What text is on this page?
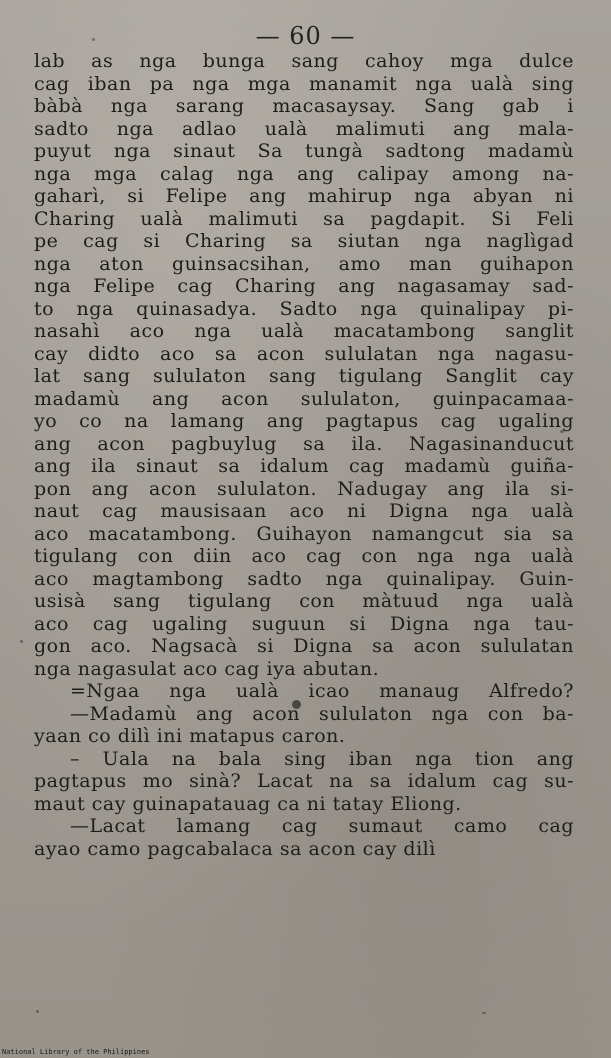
— 60 —
lab as nga bunga sang cahoy mga dulce
cag iban pa nga mga manamit nga ualà sing
bàbà nga sarang macasaysay. Sang gab i
sadto nga adlao ualà malimuti ang mala-
puyut nga sinaut Sa tungà sadtong madamù
nga mga calag nga ang calipay among na-
gaharì, si Felipe ang mahirup nga abyan ni
Charing ualà malimuti sa pagdapit. Si Feli
pe cag si Charing sa siutan nga naglìgad
nga aton guinsacsihan, amo man guihapon
nga Felipe cag Charing ang nagasamay sad-
to nga quinasadya. Sadto nga quinalipay pi-
nasahì aco nga ualà macatambong sanglit
cay didto aco sa acon sululatan nga nagasu-
lat sang sululaton sang tigulang Sanglit cay
madamù ang acon sululaton, guinpacamaa-
yo co na lamang ang pagtapus cag ugaling
ang acon pagbuylug sa ila. Nagasinanducut
ang ila sinaut sa idalum cag madamù guiña-
pon ang acon sululaton. Nadugay ang ila si-
naut cag mausisaan aco ni Digna nga ualà
aco macatambong. Guihayon namangcut sia sa
tigulang con diin aco cag con nga nga ualà
aco magtambong sadto nga quinalipay. Guin-
usisà sang tigulang con màtuud nga ualà
aco cag ugaling suguun si Digna nga tau-
gon aco. Nagsacà si Digna sa acon sululatan
nga nagasulat aco cag iya abutan.
=Ngaa nga ualà icao manaug Alfredo?
—Madamù ang acon sululaton nga con ba-
yaan co dilì ini matapus caron.
– Uala na bala sing iban nga tion ang
pagtapus mo sinà? Lacat na sa idalum cag su-
maut cay guinapatauag ca ni tatay Eliong.
—Lacat lamang cag sumaut camo cag
ayao camo pagcabalaca sa acon cay dilì
National Library of the Philippines
